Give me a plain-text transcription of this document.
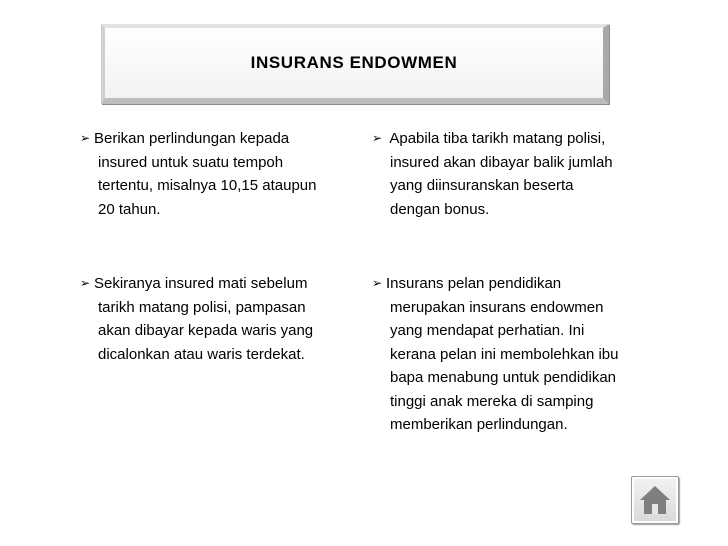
INSURANS ENDOWMEN
➢ Berikan perlindungan kepada
insured untuk suatu tempoh
tertentu, misalnya 10,15 ataupun
20 tahun.
➢ Sekiranya insured mati sebelum
tarikh matang polisi, pampasan
akan dibayar kepada waris yang
dicalonkan atau waris terdekat.
➢ Apabila tiba tarikh matang polisi,
insured akan dibayar balik jumlah
yang diinsuranskan beserta
dengan bonus.
➢ Insurans pelan pendidikan
merupakan insurans endowmen
yang mendapat perhatian. Ini
kerana pelan ini membolehkan ibu
bapa menabung untuk pendidikan
tinggi anak mereka di samping
memberikan perlindungan.
